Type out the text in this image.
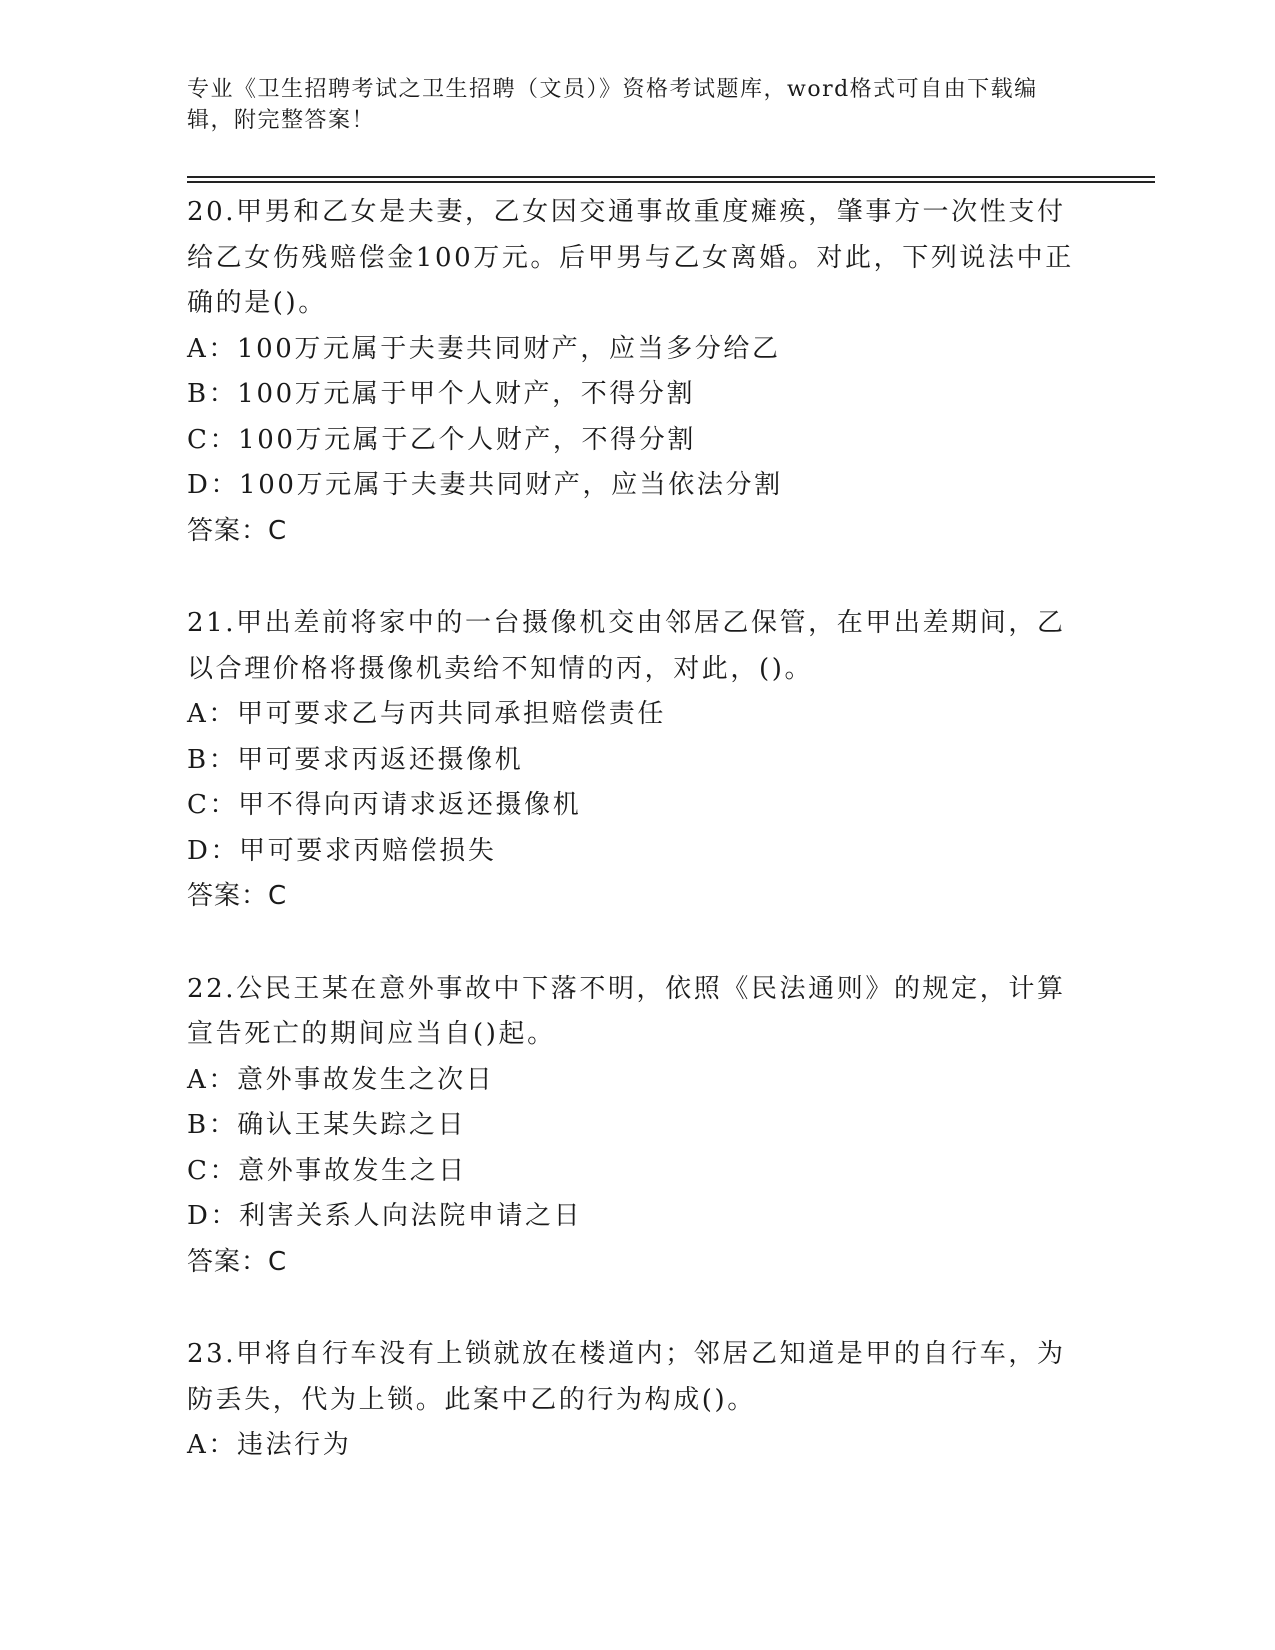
专业《卫生招聘考试之卫生招聘（文员）》资格考试题库，word格式可自由下载编辑，附完整答案！
20.甲男和乙女是夫妻，乙女因交通事故重度瘫痪，肇事方一次性支付给乙女伤残赔偿金100万元。后甲男与乙女离婚。对此，下列说法中正确的是()。
A：100万元属于夫妻共同财产，应当多分给乙
B：100万元属于甲个人财产，不得分割
C：100万元属于乙个人财产，不得分割
D：100万元属于夫妻共同财产，应当依法分割
答案：C
21.甲出差前将家中的一台摄像机交由邻居乙保管，在甲出差期间，乙以合理价格将摄像机卖给不知情的丙，对此，()。
A：甲可要求乙与丙共同承担赔偿责任
B：甲可要求丙返还摄像机
C：甲不得向丙请求返还摄像机
D：甲可要求丙赔偿损失
答案：C
22.公民王某在意外事故中下落不明，依照《民法通则》的规定，计算宣告死亡的期间应当自()起。
A：意外事故发生之次日
B：确认王某失踪之日
C：意外事故发生之日
D：利害关系人向法院申请之日
答案：C
23.甲将自行车没有上锁就放在楼道内；邻居乙知道是甲的自行车，为防丢失，代为上锁。此案中乙的行为构成()。
A：违法行为
